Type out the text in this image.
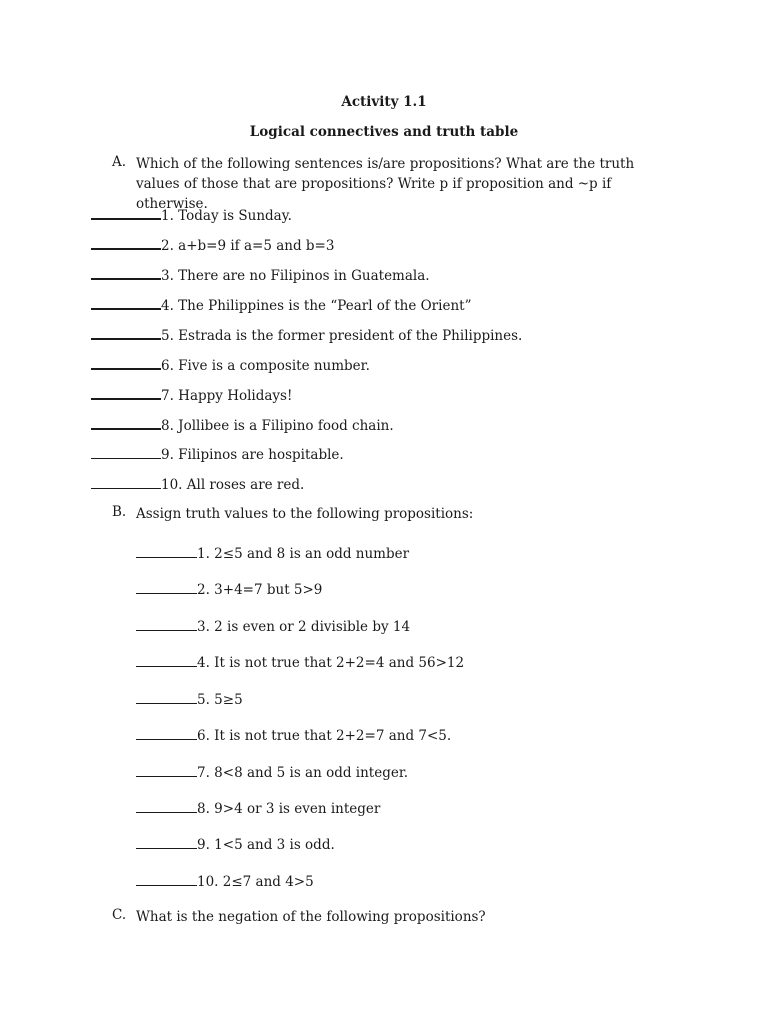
Activity 1.1
Logical connectives and truth table
A. Which of the following sentences is/are propositions? What are the truth values of those that are propositions? Write p if proposition and ~p if otherwise.
1. Today is Sunday.
2. a+b=9 if a=5 and b=3
3. There are no Filipinos in Guatemala.
4. The Philippines is the “Pearl of the Orient”
5. Estrada is the former president of the Philippines.
6. Five is a composite number.
7. Happy Holidays!
8. Jollibee is a Filipino food chain.
9. Filipinos are hospitable.
10. All roses are red.
B. Assign truth values to the following propositions:
1. 2≤5 and 8 is an odd number
2. 3+4=7 but 5>9
3. 2 is even or 2 divisible by 14
4. It is not true that 2+2=4 and 56>12
5. 5≥5
6. It is not true that 2+2=7 and 7<5.
7. 8<8 and 5 is an odd integer.
8. 9>4 or 3 is even integer
9. 1<5 and 3 is odd.
10. 2≤7 and 4>5
C. What is the negation of the following propositions?
